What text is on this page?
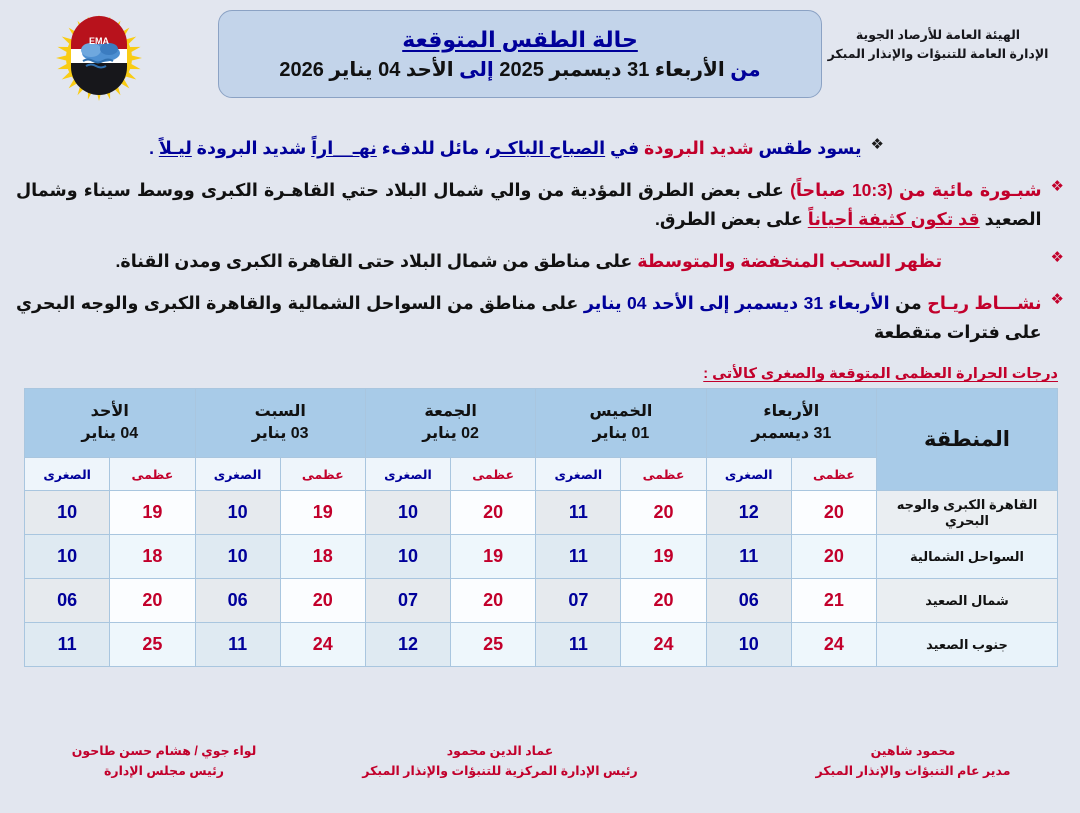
EMA	حالة الطقس المتوقعة
من الأربعاء 31 ديسمبر 2025 إلى الأحد 04 يناير 2026
الهيئة العامة للأرصاد الجوية
الإدارة العامة للتنبؤات والإنذار المبكر
❖
يسود طقس شديد البرودة في الصباح الباكـر، مائل للدفء نهـ__اراً شديد البرودة ليـلاً .
❖
شبـورة مائية من (10:3 صباحاً) على بعض الطرق المؤدية من والي شمال البلاد حتي القاهـرة الكبرى ووسط سيناء وشمال الصعيد قد تكون كثيفة أحياناً على بعض الطرق.
❖
تظهر السحب المنخفضة والمتوسطة على مناطق من شمال البلاد حتى القاهرة الكبرى ومدن القناة.
❖
نشـــاط ريـاح من الأربعاء 31 ديسمبر إلى الأحد 04 يناير على مناطق من السواحل الشمالية والقاهرة الكبرى والوجه البحري على فترات متقطعة
درجات الحرارة العظمى المتوقعة والصغرى كالأتى :
المنطقة	
الأربعاء
31 ديسمبر

الخميس
01 يناير

الجمعة
02 يناير

السبت
03 يناير

الأحد
04 يناير

	عظمى	الصغرى	عظمى	الصغرى	عظمى	الصغرى	عظمى	الصغرى	عظمى	الصغرى
القاهرة الكبرى والوجه البحري	20	12	20	11	20	10	19	10	19	10
السواحل الشمالية	20	11	19	11	19	10	18	10	18	10
شمال الصعيد	21	06	20	07	20	07	20	06	20	06
جنوب الصعيد	24	10	24	11	25	12	24	11	25	11
محمود شاهين
مدير عام التنبؤات والإنذار المبكر
عماد الدين محمود
رئيس الإدارة المركزية للتنبؤات والإنذار المبكر
لواء جوي / هشام حسن طاحون
رئيس مجلس الإدارة
